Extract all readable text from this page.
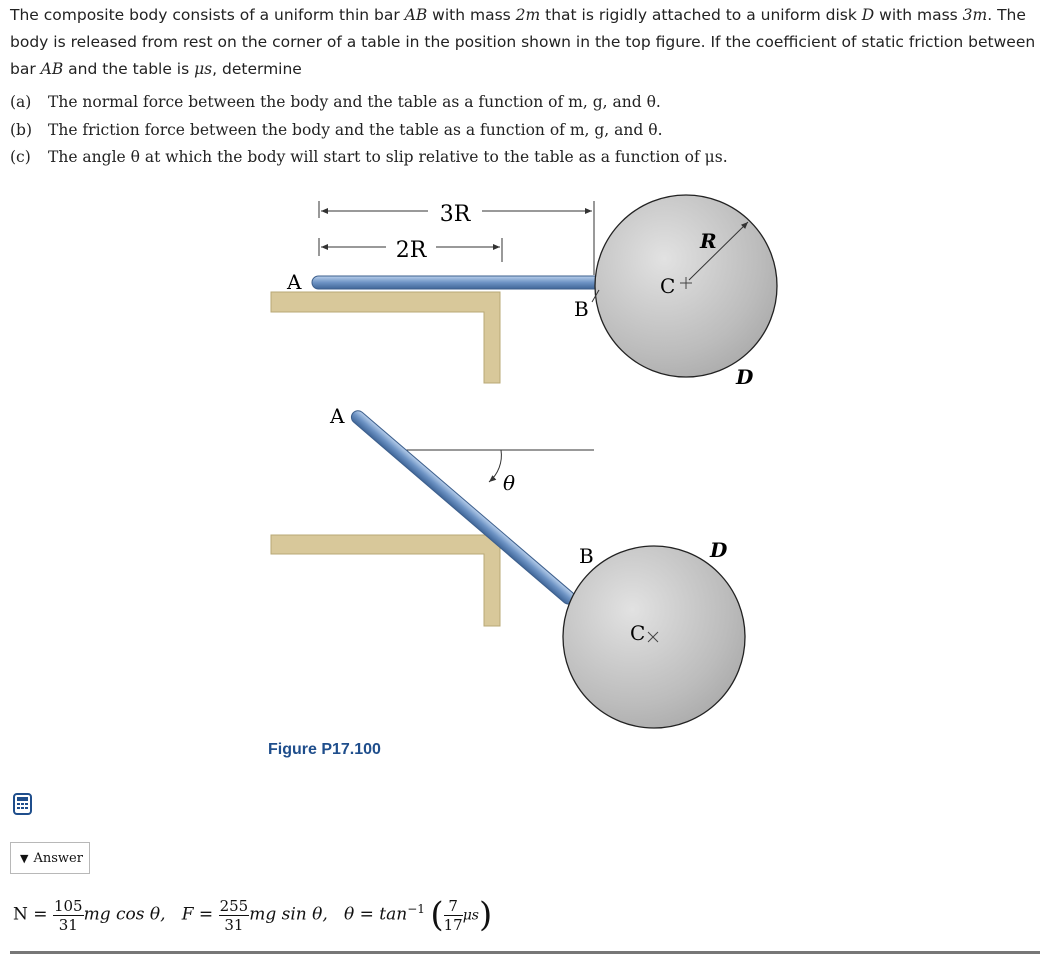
The composite body consists of a uniform thin bar AB with mass 2m that is rigidly attached to a uniform disk D with mass 3m. The body is released from rest on the corner of a table in the position shown in the top figure. If the coefficient of static friction between bar AB and the table is μs, determine
(a) The normal force between the body and the table as a function of m, g, and θ.
(b) The friction force between the body and the table as a function of m, g, and θ.
(c) The angle θ at which the body will start to slip relative to the table as a function of μs.
3R
2R
A
B
C
R
D
θ
A
B	D
C
Figure P17.100
▼ Answer
$N = \frac{105}{31}$ mg cos θ, $F = \frac{255}{31}$ mg sin θ, $\theta = \tan^{-1}$ ( $\frac{7}{17} \mu s$)
